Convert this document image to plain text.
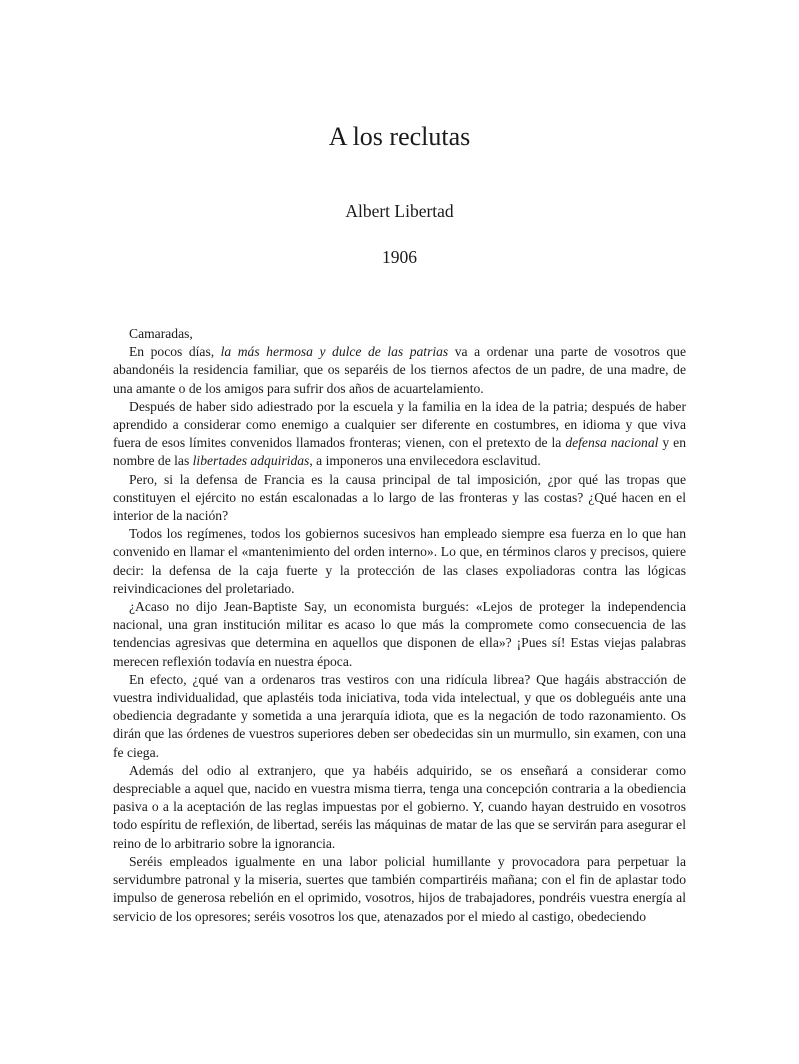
A los reclutas
Albert Libertad
1906

Camaradas,

En pocos días, la más hermosa y dulce de las patrias va a ordenar una parte de vosotros que abandonéis la residencia familiar, que os separéis de los tiernos afectos de un padre, de una madre, de una amante o de los amigos para sufrir dos años de acuartelamiento.

Después de haber sido adiestrado por la escuela y la familia en la idea de la patria; después de haber aprendido a considerar como enemigo a cualquier ser diferente en costumbres, en idioma y que viva fuera de esos límites convenidos llamados fronteras; vienen, con el pretexto de la defensa nacional y en nombre de las libertades adquiridas, a imponeros una envilecedora esclavitud.

Pero, si la defensa de Francia es la causa principal de tal imposición, ¿por qué las tropas que constituyen el ejército no están escalonadas a lo largo de las fronteras y las costas? ¿Qué hacen en el interior de la nación?

Todos los regímenes, todos los gobiernos sucesivos han empleado siempre esa fuerza en lo que han convenido en llamar el «mantenimiento del orden interno». Lo que, en términos claros y precisos, quiere decir: la defensa de la caja fuerte y la protección de las clases expoliadoras contra las lógicas reivindicaciones del proletariado.

¿Acaso no dijo Jean-Baptiste Say, un economista burgués: «Lejos de proteger la independencia nacional, una gran institución militar es acaso lo que más la compromete como consecuencia de las tendencias agresivas que determina en aquellos que disponen de ella»? ¡Pues sí! Estas viejas palabras merecen reflexión todavía en nuestra época.

En efecto, ¿qué van a ordenaros tras vestiros con una ridícula librea? Que hagáis abstracción de vuestra individualidad, que aplastéis toda iniciativa, toda vida intelectual, y que os dobleguéis ante una obediencia degradante y sometida a una jerarquía idiota, que es la negación de todo razonamiento. Os dirán que las órdenes de vuestros superiores deben ser obedecidas sin un murmullo, sin examen, con una fe ciega.

Además del odio al extranjero, que ya habéis adquirido, se os enseñará a considerar como despreciable a aquel que, nacido en vuestra misma tierra, tenga una concepción contraria a la obediencia pasiva o a la aceptación de las reglas impuestas por el gobierno. Y, cuando hayan destruido en vosotros todo espíritu de reflexión, de libertad, seréis las máquinas de matar de las que se servirán para asegurar el reino de lo arbitrario sobre la ignorancia.

Seréis empleados igualmente en una labor policial humillante y provocadora para perpetuar la servidumbre patronal y la miseria, suertes que también compartiréis mañana; con el fin de aplastar todo impulso de generosa rebelión en el oprimido, vosotros, hijos de trabajadores, pondréis vuestra energía al servicio de los opresores; seréis vosotros los que, atenazados por el miedo al castigo, obedeciendo
